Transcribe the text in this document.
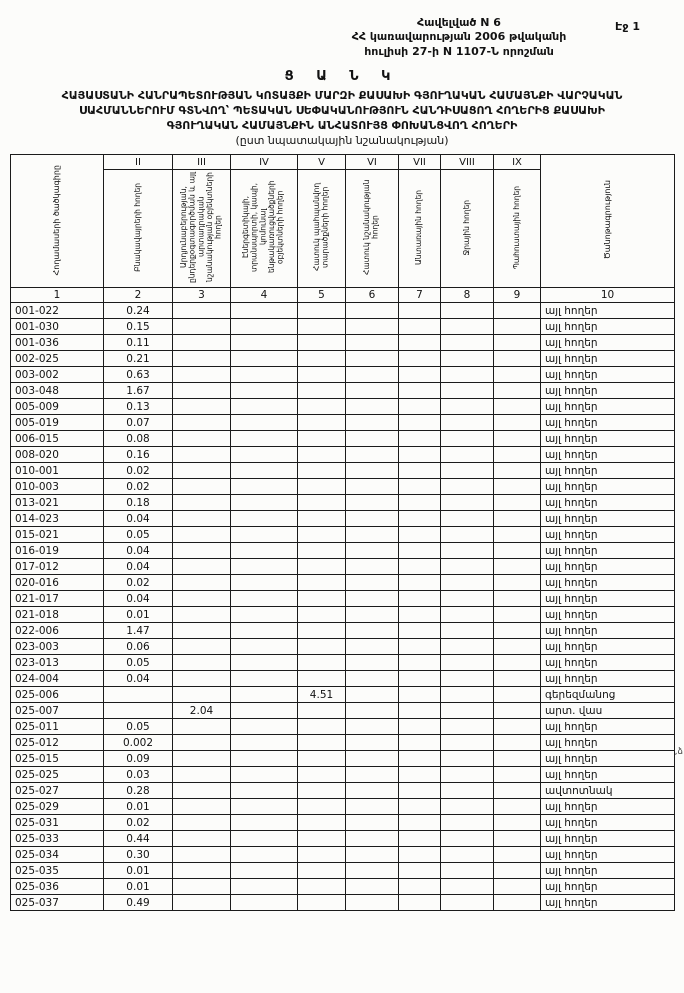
Էջ 1
Հավելված N 6
ՀՀ կառավարության 2006 թվականի
հուլիսի 27-ի N 1107-Ն որոշման
Ց Ա Ն Կ
ՀԱՅԱՍՏԱՆԻ ՀԱՆՐԱՊԵՏՈՒԹՅԱՆ ԿՈՏԱՅՔԻ ՄԱՐԶԻ ՔԱՍԱԽԻ ԳՅՈՒՂԱԿԱՆ ՀԱՄԱՅՆՔԻ ՎԱՐՉԱԿԱՆ
ՍԱՀՄԱՆՆԵՐՈՒՄ ԳՏՆՎՈՂ՝ ՊԵՏԱԿԱՆ ՍԵՓԱԿԱՆՈՒԹՅՈՒՆ ՀԱՆԴԻՍԱՑՈՂ ՀՈՂԵՐԻՑ ՔԱՍԱԽԻ
ԳՅՈՒՂԱԿԱՆ ՀԱՄԱՅՆՔԻՆ ԱՆՀԱՏՈՒՅՑ ՓՈԽԱՆՑՎՈՂ ՀՈՂԵՐԻ
(ըստ նպատակային նշանակության)
Հողամասերի ծածկագիրը	II	III	IV	V	VI	VII	VIII	IX	Ծանոթագրություն
	Բնակավայրերի հողեր	Արդյունաբերության, ընդերքօգտագործման և այլ արտադրական նշանակության օբյեկտների հողեր	Էներգետիկայի, տրանսպորտի, կապի, կոմունալ ենթակառուցվածքների օբյեկտների հողեր	Հատուկ պահպանվող տարածքների հողեր	Հատուկ նշանակության հողեր	Անտառային հողեր	Ջրային հողեր	Պահուստային հողեր	
1	2	3	4	5	6	7	8	9	10
001-022	0.24								այլ հողեր
001-030	0.15								այլ հողեր
001-036	0.11								այլ հողեր
002-025	0.21								այլ հողեր
003-002	0.63								այլ հողեր
003-048	1.67								այլ հողեր
005-009	0.13								այլ հողեր
005-019	0.07								այլ հողեր
006-015	0.08								այլ հողեր
008-020	0.16								այլ հողեր
010-001	0.02								այլ հողեր
010-003	0.02								այլ հողեր
013-021	0.18								այլ հողեր
014-023	0.04								այլ հողեր
015-021	0.05								այլ հողեր
016-019	0.04								այլ հողեր
017-012	0.04								այլ հողեր
020-016	0.02								այլ հողեր
021-017	0.04								այլ հողեր
021-018	0.01								այլ հողեր
022-006	1.47								այլ հողեր
023-003	0.06								այլ հողեր
023-013	0.05								այլ հողեր
024-004	0.04								այլ հողեր
025-006				4.51					գերեզմանոց
025-007		2.04							արտ. վաս
025-011	0.05								այլ հողեր
025-012	0.002								այլ հողեր
025-015	0.09								այլ հողեր
025-025	0.03								այլ հողեր
025-027	0.28								ավտոտնակ
025-029	0.01								այլ հողեր
025-031	0.02								այլ հողեր
025-033	0.44								այլ հողեր
025-034	0.30								այլ հողեր
025-035	0.01								այլ հողեր
025-036	0.01								այլ հողեր
025-037	0.49								այլ հողեր
,ձ
